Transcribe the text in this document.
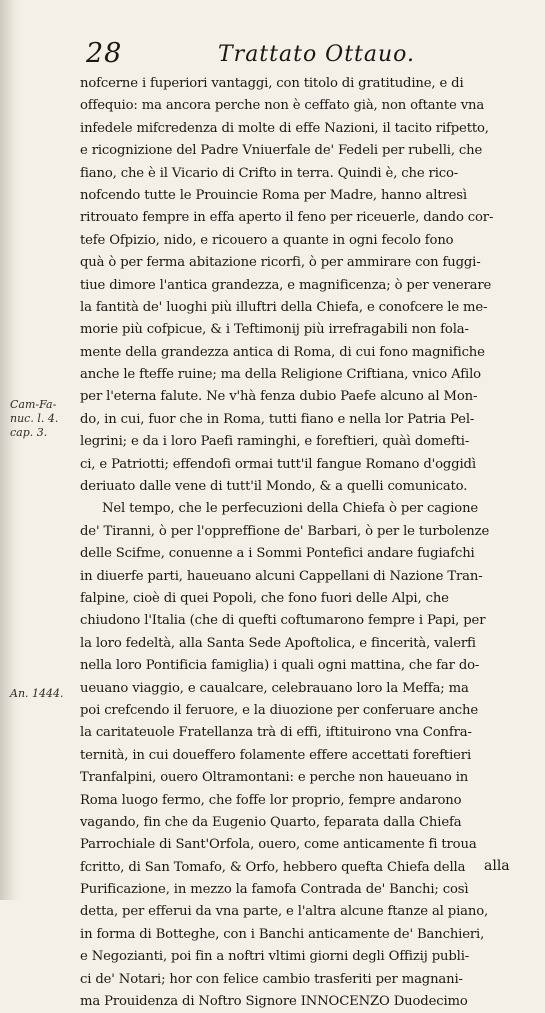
28	Trattato Ottauo.
nofcerne i fuperiori vantaggi, con titolo di gratitudine, e di
offequio: ma ancora perche non è ceffato già, non oftante vna
infedele mifcredenza di molte di effe Nazioni, il tacito rifpetto,
e ricognizione del Padre Vniuerfale de' Fedeli per rubelli, che
fiano, che è il Vicario di Crifto in terra. Quindi è, che rico-
nofcendo tutte le Prouincie Roma per Madre, hanno altresì
ritrouato fempre in effa aperto il feno per riceuerle, dando cor-
tefe Ofpizio, nido, e ricouero a quante in ogni fecolo fono
quà ò per ferma abitazione ricorfi, ò per ammirare con fuggi-
tiue dimore l'antica grandezza, e magnificenza; ò per venerare
la fantità de' luoghi più illuftri della Chiefa, e conofcere le me-
morie più cofpicue, & i Teftimonij più irrefragabili non fola-
mente della grandezza antica di Roma, di cui fono magnifiche
anche le fteffe ruine; ma della Religione Criftiana, vnico Afilo
per l'eterna falute. Ne v'hà fenza dubio Paefe alcuno al Mon-
do, in cui, fuor che in Roma, tutti fiano e nella lor Patria Pel-
legrini; e da i loro Paefi raminghi, e foreftieri, quàì domefti-
ci, e Patriotti; effendofi ormai tutt'il fangue Romano d'oggidì
deriuato dalle vene di tutt'il Mondo, & a quelli comunicato.
Nel tempo, che le perfecuzioni della Chiefa ò per cagione
de' Tiranni, ò per l'oppreffione de' Barbari, ò per le turbolenze
delle Scifme, conuenne a i Sommi Pontefici andare fugiafchi
in diuerfe parti, haueuano alcuni Cappellani di Nazione Tran-
falpine, cioè di quei Popoli, che fono fuori delle Alpi, che
chiudono l'Italia (che di quefti coftumarono fempre i Papi, per
la loro fedeltà, alla Santa Sede Apoftolica, e fincerità, valerfi
nella loro Pontificia famiglia) i quali ogni mattina, che far do-
ueuano viaggio, e caualcare, celebrauano loro la Meffa; ma
poi crefcendo il feruore, e la diuozione per conferuare anche
la caritateuole Fratellanza trà di effi, iftituirono vna Confra-
ternità, in cui doueffero folamente effere accettati foreftieri
Tranfalpini, ouero Oltramontani: e perche non haueuano in
Roma luogo fermo, che foffe lor proprio, fempre andarono
vagando, fin che da Eugenio Quarto, feparata dalla Chiefa
Parrochiale di Sant'Orfola, ouero, come anticamente fi troua
fcritto, di San Tomafo, & Orfo, hebbero quefta Chiefa della
Purificazione, in mezzo la famofa Contrada de' Banchi; così
detta, per efferui da vna parte, e l'altra alcune ftanze al piano,
in forma di Botteghe, con i Banchi anticamente de' Banchieri,
e Negozianti, poi fin a noftri vltimi giorni degli Offizij publi-
ci de' Notari; hor con felice cambio trasferiti per magnani-
ma Prouidenza di Noftro Signore INNOCENZO Duodecimo
Cam-Fa-
nuc. l. 4.
cap. 3.
An. 1444.
alla
